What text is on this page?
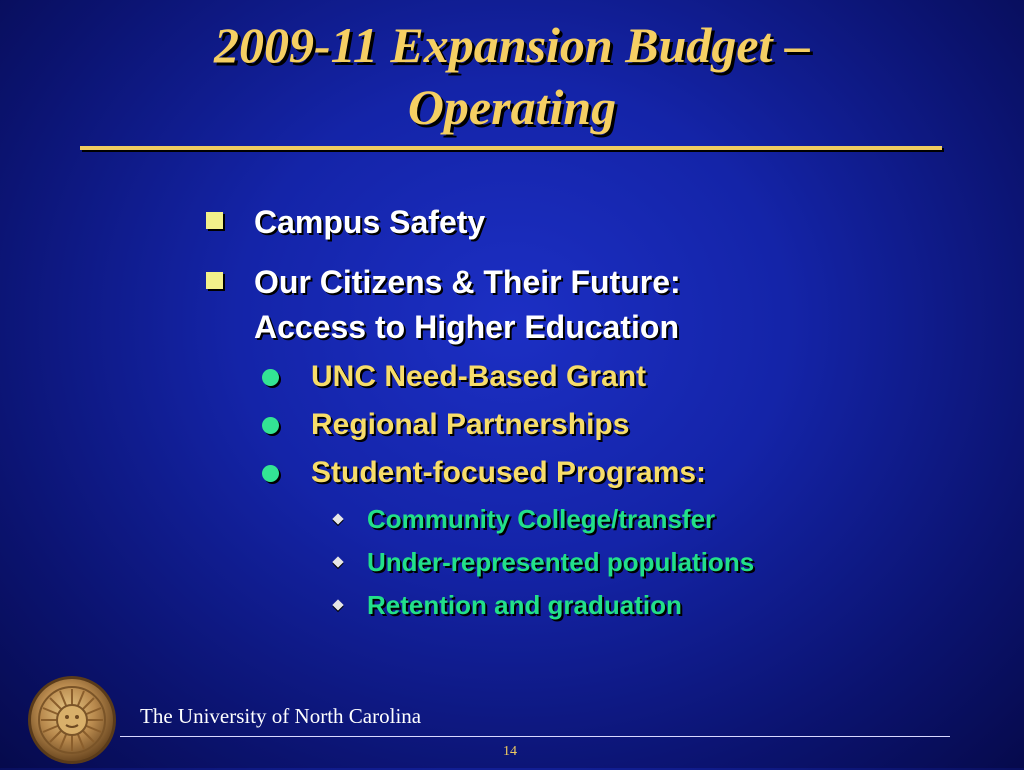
2009-11 Expansion Budget –
Operating
Campus Safety
Our Citizens & Their Future:
Access to Higher Education
UNC Need-Based Grant
Regional Partnerships
Student-focused Programs:
Community College/transfer
Under-represented populations
Retention and graduation
The University of North Carolina
14
